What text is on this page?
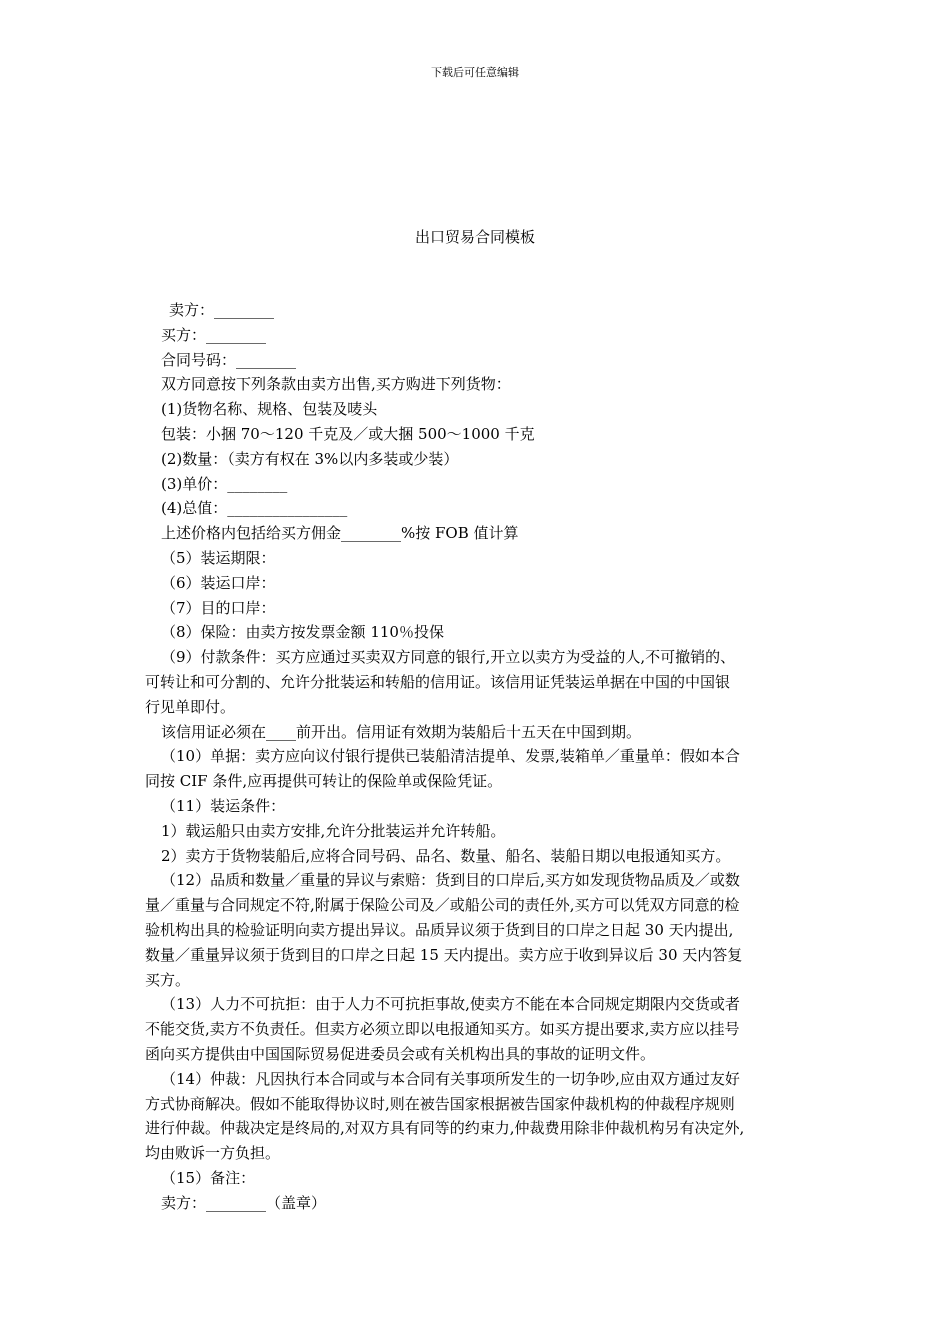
下载后可任意编辑
出口贸易合同模板
卖方：________
买方：________
合同号码：________
双方同意按下列条款由卖方出售,买方购进下列货物：
(1)货物名称、规格、包装及唛头
包装：小捆 70～120 千克及／或大捆 500～1000 千克
(2)数量：（卖方有权在 3%以内多装或少装）
(3)单价：________
(4)总值：________________
上述价格内包括给买方佣金________%按 FOB 值计算
（5）装运期限：
（6）装运口岸：
（7）目的口岸：
（8）保险：由卖方按发票金额 110％投保
（9）付款条件：买方应通过买卖双方同意的银行,开立以卖方为受益的人,不可撤销的、
可转让和可分割的、允许分批装运和转船的信用证。该信用证凭装运单据在中国的中国银
行见单即付。
该信用证必须在____前开出。信用证有效期为装船后十五天在中国到期。
（10）单据：卖方应向议付银行提供已装船清洁提单、发票,装箱单／重量单：假如本合
同按 CIF 条件,应再提供可转让的保险单或保险凭证。
（11）装运条件：
1）载运船只由卖方安排,允许分批装运并允许转船。
2）卖方于货物装船后,应将合同号码、品名、数量、船名、装船日期以电报通知买方。
（12）品质和数量／重量的异议与索赔：货到目的口岸后,买方如发现货物品质及／或数
量／重量与合同规定不符,附属于保险公司及／或船公司的责任外,买方可以凭双方同意的检
验机构出具的检验证明向卖方提出异议。品质异议须于货到目的口岸之日起 30 天内提出,
数量／重量异议须于货到目的口岸之日起 15 天内提出。卖方应于收到异议后 30 天内答复
买方。
（13）人力不可抗拒：由于人力不可抗拒事故,使卖方不能在本合同规定期限内交货或者
不能交货,卖方不负责任。但卖方必须立即以电报通知买方。如买方提出要求,卖方应以挂号
函向买方提供由中国国际贸易促进委员会或有关机构出具的事故的证明文件。
（14）仲裁：凡因执行本合同或与本合同有关事项所发生的一切争吵,应由双方通过友好
方式协商解决。假如不能取得协议时,则在被告国家根据被告国家仲裁机构的仲裁程序规则
进行仲裁。仲裁决定是终局的,对双方具有同等的约束力,仲裁费用除非仲裁机构另有决定外,
均由败诉一方负担。
（15）备注：
卖方：________（盖章）
